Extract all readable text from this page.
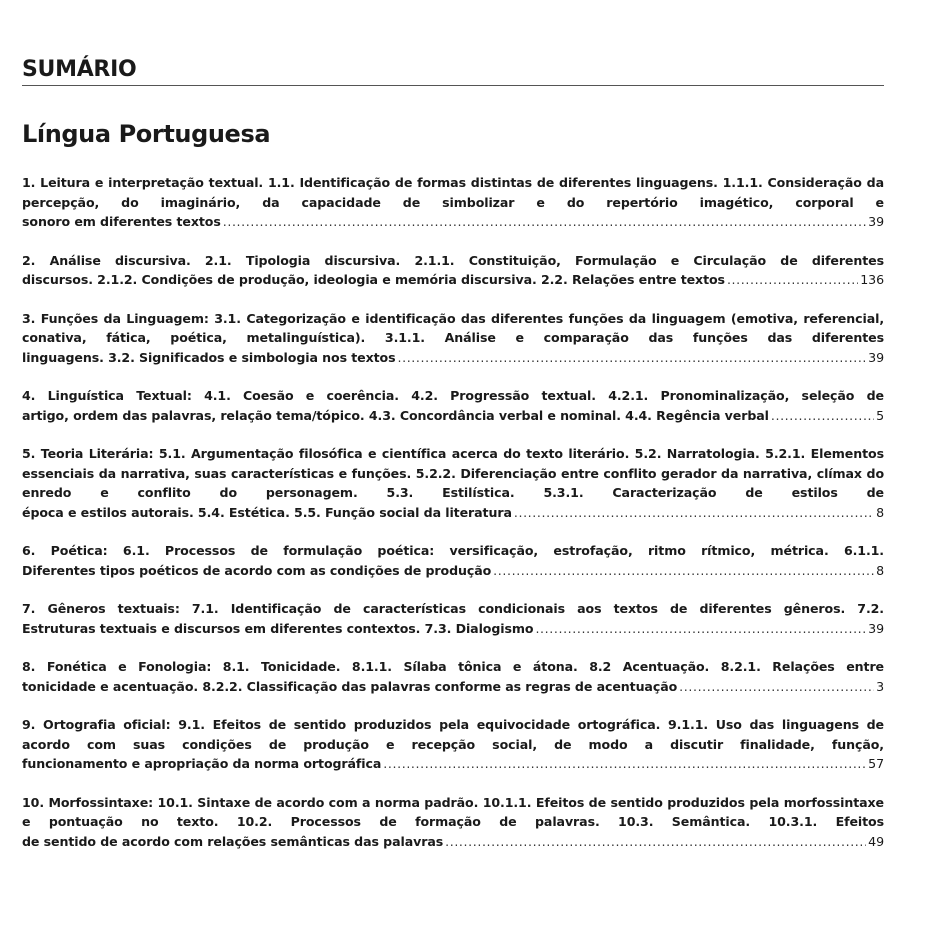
SUMÁRIO
Língua Portuguesa
1. Leitura e interpretação textual. 1.1. Identificação de formas distintas de diferentes linguagens. 1.1.1. Consideração da percepção, do imaginário, da capacidade de simbolizar e do repertório imagético, corporal e
sonoro em diferentes textos .....	39
2. Análise discursiva. 2.1. Tipologia discursiva. 2.1.1. Constituição, Formulação e Circulação de diferentes
discursos. 2.1.2. Condições de produção, ideologia e memória discursiva. 2.2. Relações entre textos .....	136
3. Funções da Linguagem: 3.1. Categorização e identificação das diferentes funções da linguagem (emotiva, referencial, conativa, fática, poética, metalinguística). 3.1.1. Análise e comparação das funções das diferentes
linguagens. 3.2. Significados e simbologia nos textos .....	39
4. Linguística Textual: 4.1. Coesão e coerência. 4.2. Progressão textual. 4.2.1. Pronominalização, seleção de
artigo, ordem das palavras, relação tema/tópico. 4.3. Concordância verbal e nominal. 4.4. Regência verbal .....	5
5. Teoria Literária: 5.1. Argumentação filosófica e científica acerca do texto literário. 5.2. Narratologia. 5.2.1. Elementos essenciais da narrativa, suas características e funções. 5.2.2. Diferenciação entre conflito gerador da narrativa, clímax do enredo e conflito do personagem. 5.3. Estilística. 5.3.1. Caracterização de estilos de
época e estilos autorais. 5.4. Estética. 5.5. Função social da literatura .....	8
6. Poética: 6.1. Processos de formulação poética: versificação, estrofação, ritmo rítmico, métrica. 6.1.1.
Diferentes tipos poéticos de acordo com as condições de produção .....	8
7. Gêneros textuais: 7.1. Identificação de características condicionais aos textos de diferentes gêneros. 7.2.
Estruturas textuais e discursos em diferentes contextos. 7.3. Dialogismo .....	39
8. Fonética e Fonologia: 8.1. Tonicidade. 8.1.1. Sílaba tônica e átona. 8.2 Acentuação. 8.2.1. Relações entre
tonicidade e acentuação. 8.2.2. Classificação das palavras conforme as regras de acentuação .....	3
9. Ortografia oficial: 9.1. Efeitos de sentido produzidos pela equivocidade ortográfica. 9.1.1. Uso das linguagens de acordo com suas condições de produção e recepção social, de modo a discutir finalidade, função,
funcionamento e apropriação da norma ortográfica .....	57
10. Morfossintaxe: 10.1. Sintaxe de acordo com a norma padrão. 10.1.1. Efeitos de sentido produzidos pela morfossintaxe e pontuação no texto. 10.2. Processos de formação de palavras. 10.3. Semântica. 10.3.1. Efeitos
de sentido de acordo com relações semânticas das palavras .....	49
